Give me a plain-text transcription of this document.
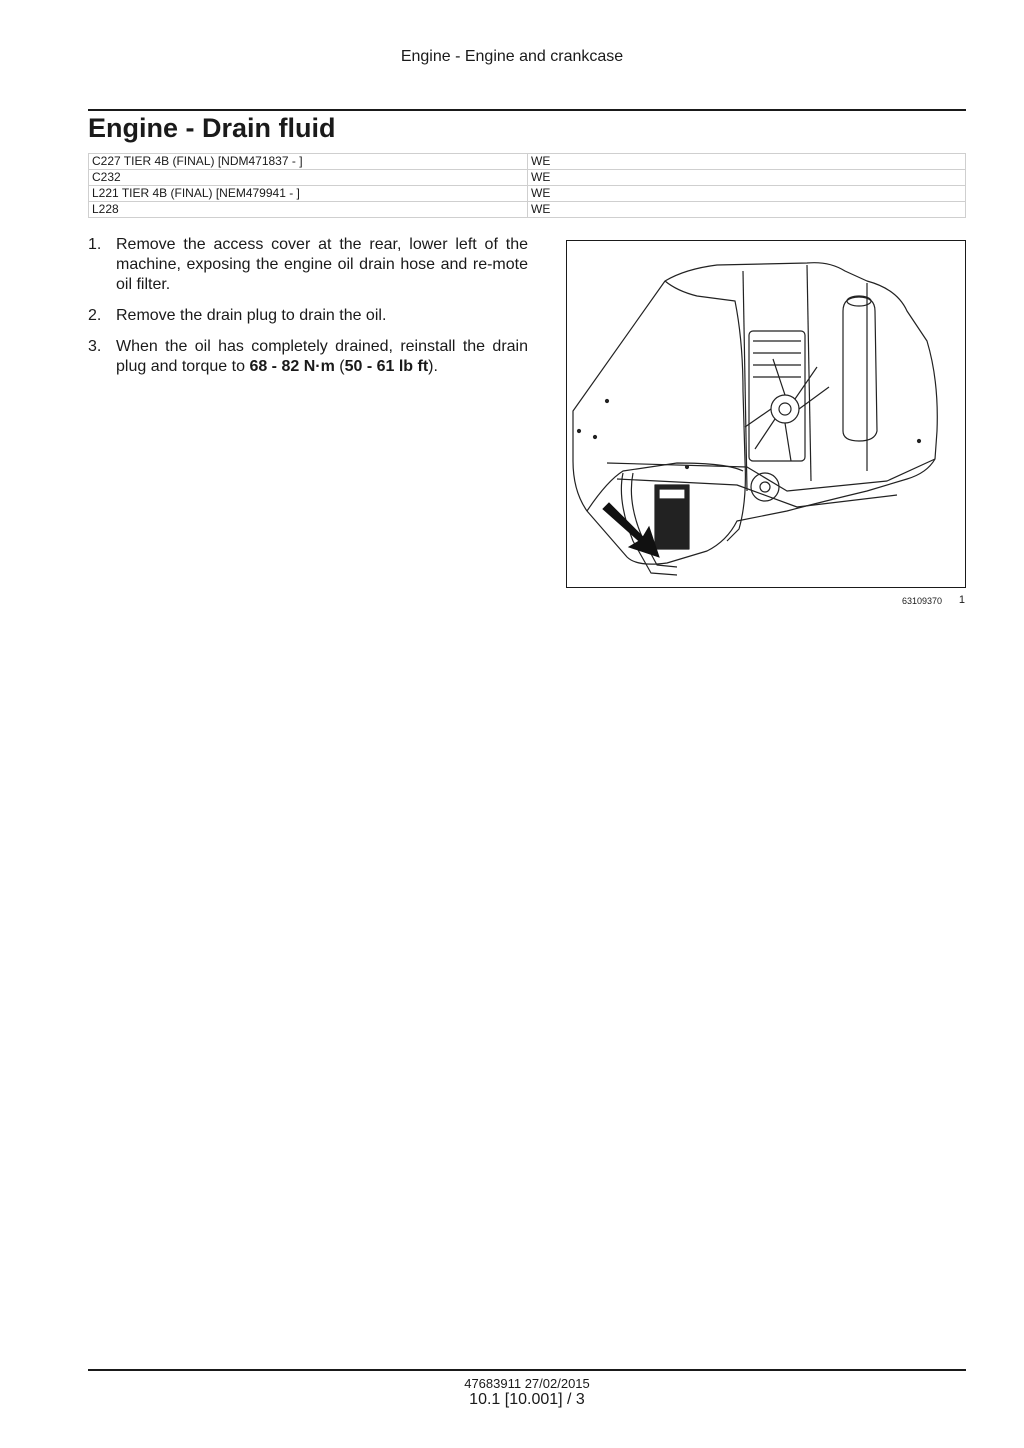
Engine - Engine and crankcase
Engine - Drain fluid
C227 TIER 4B (FINAL) [NDM471837 - ]	WE
C232	WE
L221 TIER 4B (FINAL) [NEM479941 - ]	WE
L228	WE
1. Remove the access cover at the rear, lower left of the machine, exposing the engine oil drain hose and re-mote oil filter.
2. Remove the drain plug to drain the oil.
3. When the oil has completely drained, reinstall the drain plug and torque to 68 - 82 N·m (50 - 61 lb ft).
63109370	1
47683911 27/02/2015
10.1 [10.001] / 3
